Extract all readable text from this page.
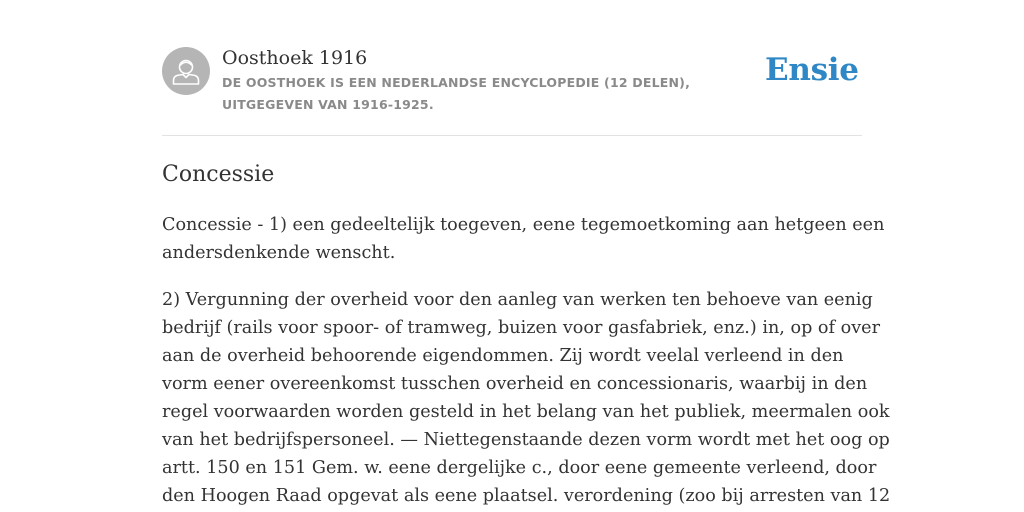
Oosthoek 1916

DE OOSTHOEK IS EEN NEDERLANDSE ENCYCLOPEDIE (12 DELEN), UITGEGEVEN VAN 1916-1925.

Ensie
Concessie

Concessie - 1) een gedeeltelijk toegeven, eene tegemoetkoming aan hetgeen een
andersdenkende wenscht.

2) Vergunning der overheid voor den aanleg van werken ten behoeve van eenig
bedrijf (rails voor spoor- of tramweg, buizen voor gasfabriek, enz.) in, op of over
aan de overheid behoorende eigendommen. Zij wordt veelal verleend in den
vorm eener overeenkomst tusschen overheid en concessionaris, waarbij in den
regel voorwaarden worden gesteld in het belang van het publiek, meermalen ook
van het bedrijfspersoneel. — Niettegenstaande dezen vorm wordt met het oog op
artt. 150 en 151 Gem. w. eene dergelijke c., door eene gemeente verleend, door
den Hoogen Raad opgevat als eene plaatsel. verordening (zoo bij arresten van 12
